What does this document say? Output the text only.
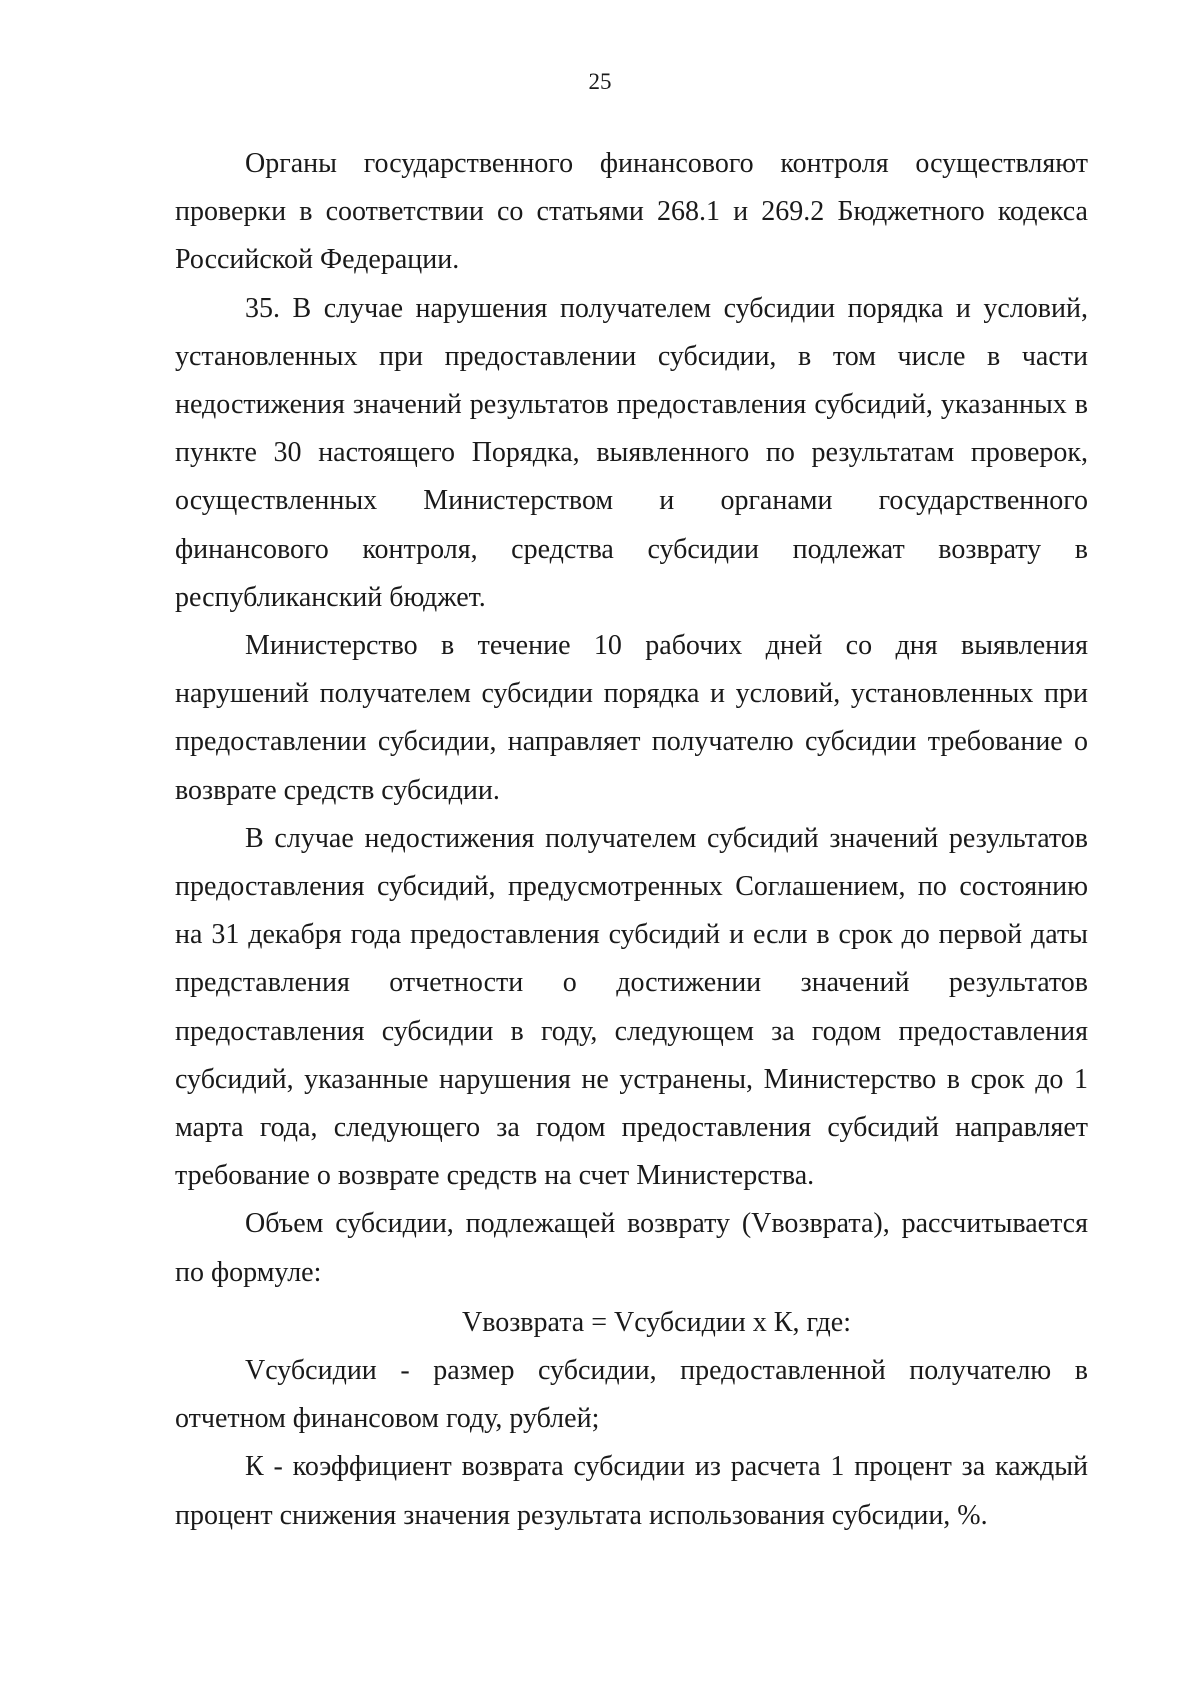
25

Органы государственного финансового контроля осуществляют проверки в соответствии со статьями 268.1 и 269.2 Бюджетного кодекса Российской Федерации.

35. В случае нарушения получателем субсидии порядка и условий, установленных при предоставлении субсидии, в том числе в части недостижения значений результатов предоставления субсидий, указанных в пункте 30 настоящего Порядка, выявленного по результатам проверок, осуществленных Министерством и органами государственного финансового контроля, средства субсидии подлежат возврату в республиканский бюджет.

Министерство в течение 10 рабочих дней со дня выявления нарушений получателем субсидии порядка и условий, установленных при предоставлении субсидии, направляет получателю субсидии требование о возврате средств субсидии.

В случае недостижения получателем субсидий значений результатов предоставления субсидий, предусмотренных Соглашением, по состоянию на 31 декабря года предоставления субсидий и если в срок до первой даты представления отчетности о достижении значений результатов предоставления субсидии в году, следующем за годом предоставления субсидий, указанные нарушения не устранены, Министерство в срок до 1 марта года, следующего за годом предоставления субсидий направляет требование о возврате средств на счет Министерства.

Объем субсидии, подлежащей возврату (Vвозврата), рассчитывается по формуле:

Vвозврата = Vсубсидии х К, где:

Vсубсидии - размер субсидии, предоставленной получателю в отчетном финансовом году, рублей;

К - коэффициент возврата субсидии из расчета 1 процент за каждый процент снижения значения результата использования субсидии, %.
